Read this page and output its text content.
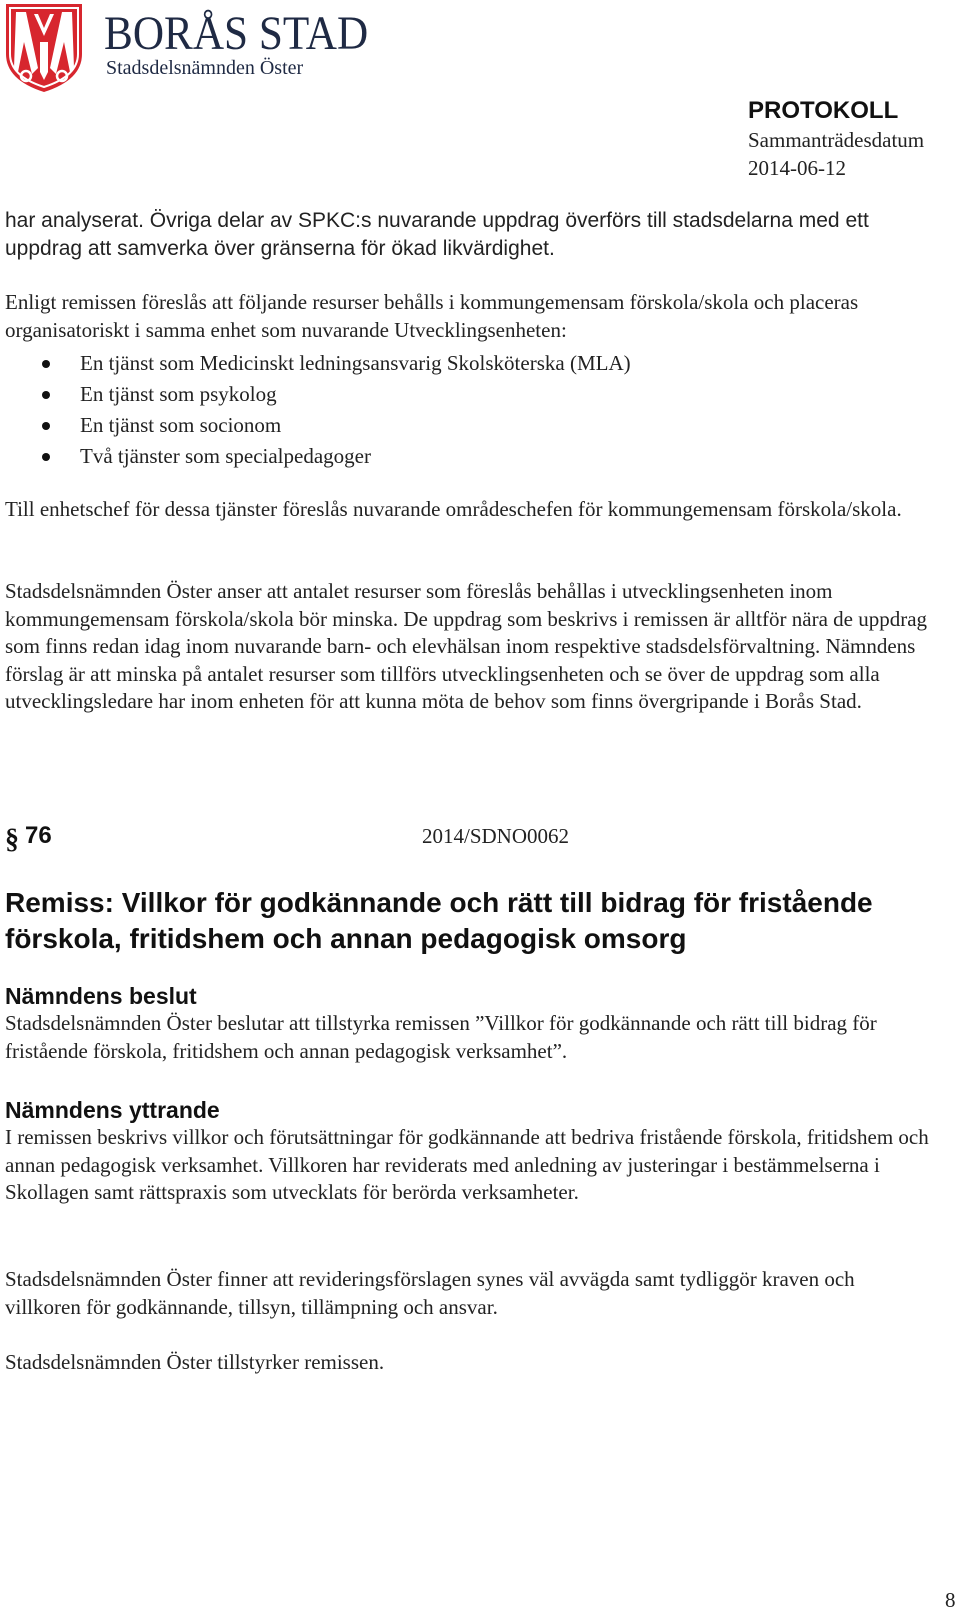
BORÅS STAD
Stadsdelsnämnden Öster
PROTOKOLL
Sammanträdesdatum
2014-06-12

har analyserat. Övriga delar av SPKC:s nuvarande uppdrag överförs till stadsdelarna med ett uppdrag att samverka över gränserna för ökad likvärdighet.

Enligt remissen föreslås att följande resurser behålls i kommungemensam förskola/skola och placeras organisatoriskt i samma enhet som nuvarande Utvecklingsenheten:

En tjänst som Medicinskt ledningsansvarig Skolsköterska (MLA)
En tjänst som psykolog
En tjänst som socionom
Två tjänster som specialpedagoger

Till enhetschef för dessa tjänster föreslås nuvarande områdeschefen för kommungemensam förskola/skola.

Stadsdelsnämnden Öster anser att antalet resurser som föreslås behållas i utvecklingsenheten inom kommungemensam förskola/skola bör minska. De uppdrag som beskrivs i remissen är alltför nära de uppdrag som finns redan idag inom nuvarande barn- och elevhälsan inom respektive stadsdelsförvaltning. Nämndens förslag är att minska på antalet resurser som tillförs utvecklingsenheten och se över de uppdrag som alla utvecklingsledare har inom enheten för att kunna möta de behov som finns övergripande i Borås Stad.

§ 76	2014/SDNO0062
Remiss: Villkor för godkännande och rätt till bidrag för fristående förskola, fritidshem och annan pedagogisk omsorg
Nämndens beslut

Stadsdelsnämnden Öster beslutar att tillstyrka remissen ”Villkor för godkännande och rätt till bidrag för fristående förskola, fritidshem och annan pedagogisk verksamhet”.

Nämndens yttrande

I remissen beskrivs villkor och förutsättningar för godkännande att bedriva fristående förskola, fritidshem och annan pedagogisk verksamhet. Villkoren har reviderats med anledning av justeringar i bestämmelserna i Skollagen samt rättspraxis som utvecklats för berörda verksamheter.

Stadsdelsnämnden Öster finner att revideringsförslagen synes väl avvägda samt tydliggör kraven och villkoren för godkännande, tillsyn, tillämpning och ansvar.

Stadsdelsnämnden Öster tillstyrker remissen.

8
